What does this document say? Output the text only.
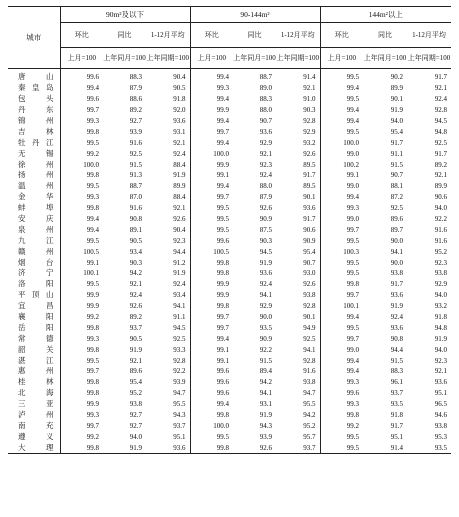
城市	90m²及以下			90-144m²			144m²以上		
	环比	同比	1-12月平均	环比	同比	1-12月平均	环比	同比	1-12月平均
	上月=100	上年同月=100	上年同期=100	上月=100	上年同月=100	上年同期=100	上月=100	上年同月=100	上年同期=100
唐山	99.6	88.3	90.4	99.4	88.7	91.4	99.5	90.2	91.7
秦皇岛	99.4	87.9	90.5	99.3	89.0	92.1	99.4	89.9	92.1
包头	99.6	88.6	91.8	99.4	88.3	91.0	99.5	90.1	92.4
丹东	99.7	89.2	92.0	99.9	88.0	90.3	99.4	91.9	92.8
锦州	99.3	92.7	93.6	99.4	90.7	92.8	99.4	94.0	94.5
吉林	99.8	93.9	93.1	99.7	93.6	92.9	99.5	95.4	94.8
牡丹江	99.5	91.6	92.1	99.4	92.9	93.2	100.0	91.7	92.5
无锡	99.2	92.5	92.4	100.0	92.1	92.6	99.0	91.1	91.7
徐州	100.0	91.5	88.4	99.9	92.3	89.5	100.2	91.5	89.2
扬州	99.8	91.3	91.9	99.1	92.4	91.7	99.1	90.7	92.1
温州	99.5	88.7	89.9	99.4	88.0	89.5	99.0	88.1	89.9
金华	99.3	87.0	88.4	99.7	87.9	90.1	99.4	87.2	90.6
蚌埠	99.8	91.6	92.1	99.5	92.6	93.6	99.3	92.5	94.0
安庆	99.4	90.8	92.6	99.5	90.9	91.7	99.0	89.6	92.2
泉州	99.4	89.1	90.4	99.5	87.5	90.6	99.7	89.7	91.6
九江	99.5	90.5	92.3	99.6	90.3	90.9	99.5	90.0	91.6
赣州	100.5	93.4	94.4	100.5	94.5	95.4	100.3	94.1	95.2
烟台	99.1	90.3	91.2	99.8	91.9	90.7	99.5	90.0	92.3
济宁	100.1	94.2	91.9	99.8	93.6	93.0	99.5	93.8	93.8
洛阳	99.5	92.1	92.4	99.9	92.4	92.6	99.8	91.7	92.9
平顶山	99.9	92.4	93.4	99.9	94.1	93.8	99.7	93.6	94.0
宜昌	99.9	92.6	94.1	99.8	92.9	92.8	100.1	91.9	93.2
襄阳	99.2	89.2	91.1	99.7	90.0	90.1	99.4	92.4	91.8
岳阳	99.8	93.7	94.5	99.7	93.5	94.9	99.5	93.6	94.8
常德	99.3	90.5	92.5	99.4	90.9	92.5	99.7	90.8	91.9
韶关	99.8	91.9	93.3	99.1	92.2	94.1	99.0	94.4	94.0
湛江	99.5	92.1	92.8	99.1	91.5	92.8	99.4	91.5	92.3
惠州	99.7	89.6	92.2	99.6	89.4	91.6	99.4	88.3	92.1
桂林	99.8	95.4	93.9	99.6	94.2	93.8	99.3	96.1	93.6
北海	99.8	95.2	94.7	99.6	94.1	94.7	99.6	93.7	95.1
三亚	99.9	93.8	95.5	99.4	93.1	95.5	99.3	93.5	96.5
泸州	99.3	92.7	94.3	99.8	91.9	94.2	99.8	91.8	94.6
南充	99.7	92.7	93.7	100.0	94.3	95.2	99.2	91.7	93.8
遵义	99.2	94.0	95.1	99.5	93.9	95.7	99.5	95.1	95.3
大理	99.8	91.9	93.6	99.8	92.6	93.7	99.5	91.4	93.5
